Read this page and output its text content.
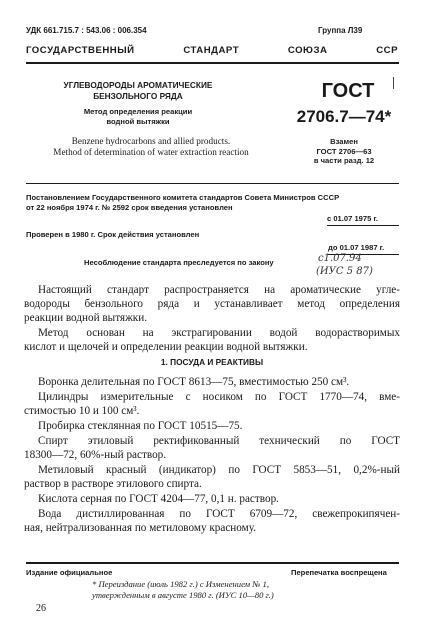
УДК 661.715.7 : 543.06 : 006.354	Группа Л39
ГОСУДАРСТВЕННЫЙ СТАНДАРТ СОЮЗА ССР
УГЛЕВОДОРОДЫ АРОМАТИЧЕСКИЕ
БЕНЗОЛЬНОГО РЯДА
Метод определения реакции
водной вытяжки
Benzene hydrocarbons and allied products.
Method of determination of water extraction reaction
ГОСТ
2706.7—74*
Взамен
ГОСТ 2706—63
в части разд. 12
Постановлением Государственного комитета стандартов Совета Министров СССР
от 22 ноября 1974 г. № 2592 срок введения установлен
с 01.07 1975 г.
Проверен в 1980 г. Срок действия установлен
до 01.07 1987 г.
Несоблюдение стандарта преследуется по закону	с1.07.94
(ИУС 5 87)
Настоящий стандарт распространяется на ароматические угле-
водороды бензольного ряда и устанавливает метод определения
реакции водной вытяжки.
Метод основан на экстрагировании водой водорастворимых
кислот и щелочей и определении реакции водной вытяжки.
1. ПОСУДА И РЕАКТИВЫ
Воронка делительная по ГОСТ 8613—75, вместимостью 250 см³.
Цилиндры измерительные с носиком по ГОСТ 1770—74, вме-
стимостью 10 и 100 см³.
Пробирка стеклянная по ГОСТ 10515—75.
Спирт этиловый ректификованный технический по ГОСТ
18300—72, 60%-ный раствор.
Метиловый красный (индикатор) по ГОСТ 5853—51, 0,2%-ный
раствор в растворе этилового спирта.
Кислота серная по ГОСТ 4204—77, 0,1 н. раствор.
Вода дистиллированная по ГОСТ 6709—72, свежепрокипячен-
ная, нейтрализованная по метиловому красному.
Издание официальное	Перепечатка воспрещена
* Переиздание (июль 1982 г.) с Изменением № 1,
утвержденным в августе 1980 г. (ИУС 10—80 г.)
26
